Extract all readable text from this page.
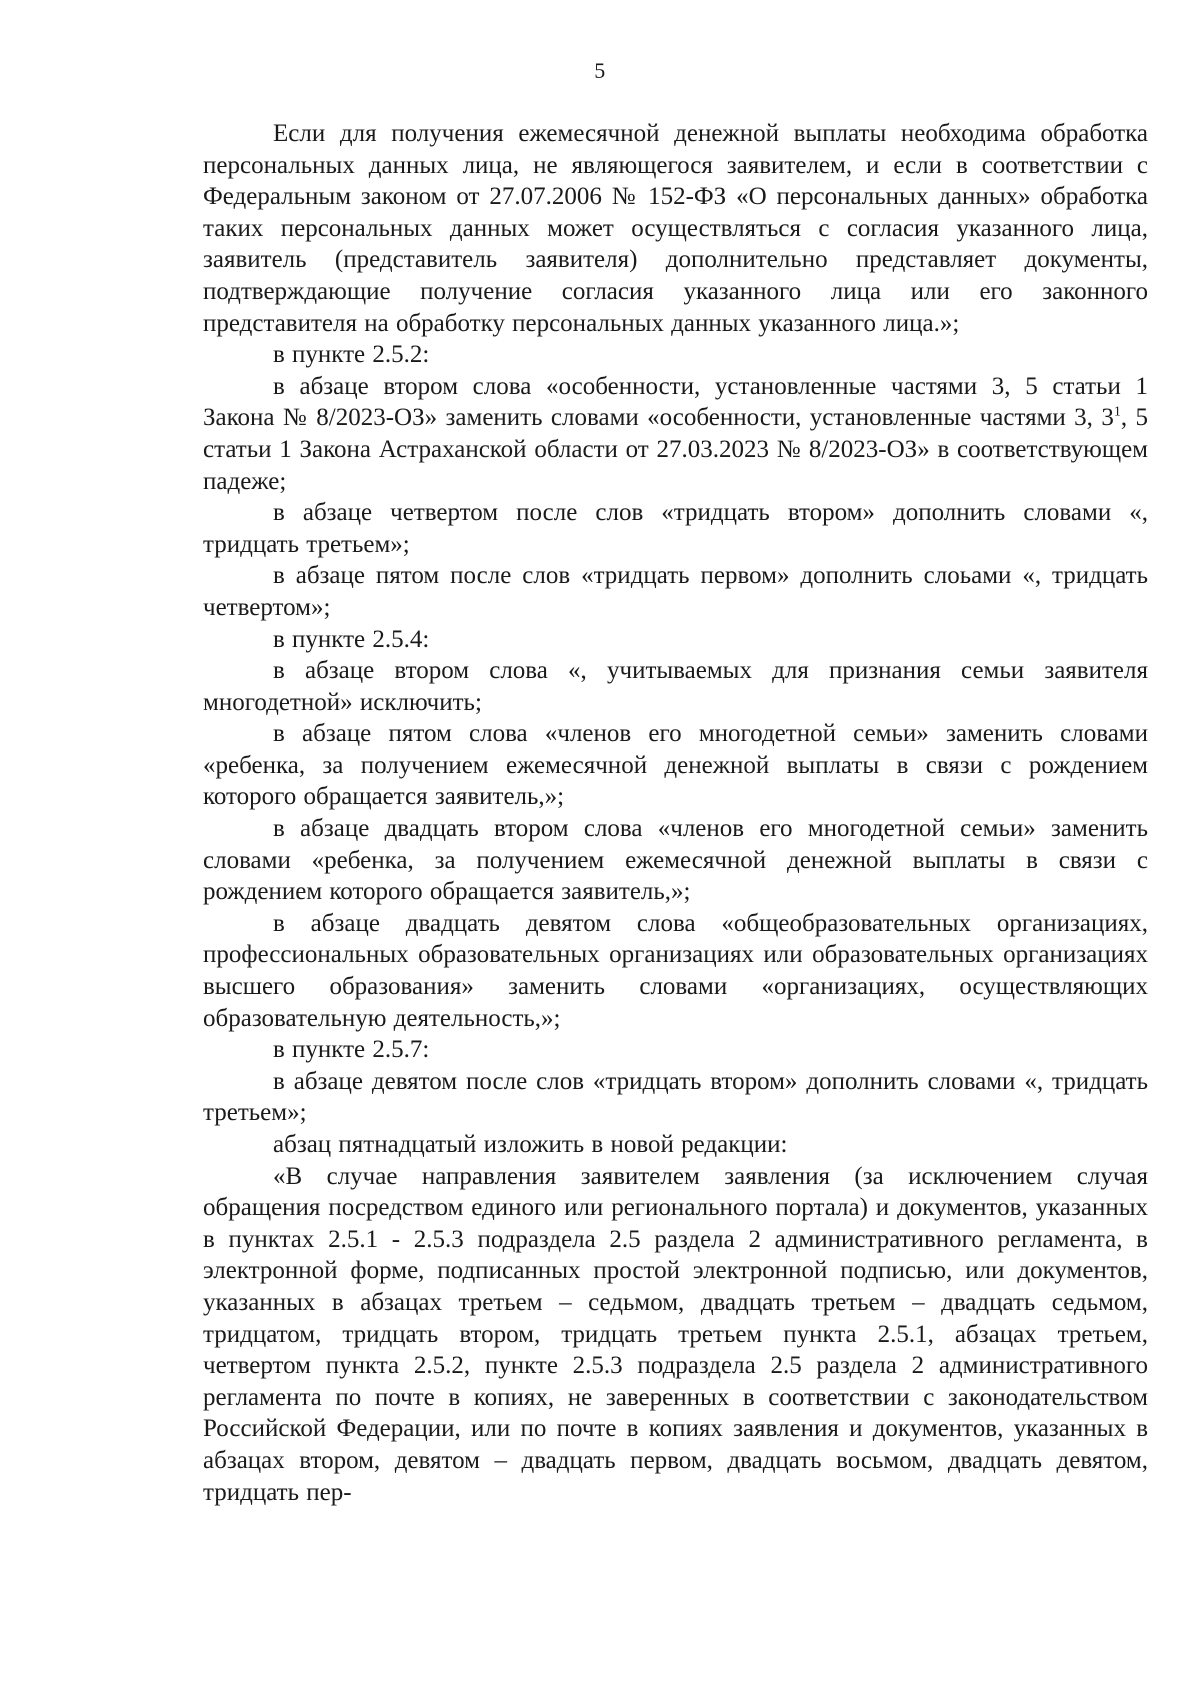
5

Если для получения ежемесячной денежной выплаты необходима обработка персональных данных лица, не являющегося заявителем, и если в соответствии с Федеральным законом от 27.07.2006 № 152-ФЗ «О персональных данных» обработка таких персональных данных может осуществляться с согласия указанного лица, заявитель (представитель заявителя) дополнительно представляет документы, подтверждающие получение согласия указанного лица или его законного представителя на обработку персональных данных указанного лица.»;

в пункте 2.5.2:

в абзаце втором слова «особенности, установленные частями 3, 5 статьи 1 Закона № 8/2023-ОЗ» заменить словами «особенности, установленные частями 3, $3^1$, 5 статьи 1 Закона Астраханской области от 27.03.2023 № 8/2023-ОЗ» в соответствующем падеже;

в абзаце четвертом после слов «тридцать втором» дополнить словами «, тридцать третьем»;

в абзаце пятом после слов «тридцать первом» дополнить слоьами «, тридцать четвертом»;

в пункте 2.5.4:

в абзаце втором слова «, учитываемых для признания семьи заявителя многодетной» исключить;

в абзаце пятом слова «членов его многодетной семьи» заменить словами «ребенка, за получением ежемесячной денежной выплаты в связи с рождением которого обращается заявитель,»;

в абзаце двадцать втором слова «членов его многодетной семьи» заменить словами «ребенка, за получением ежемесячной денежной выплаты в связи с рождением которого обращается заявитель,»;

в абзаце двадцать девятом слова «общеобразовательных организациях, профессиональных образовательных организациях или образовательных организациях высшего образования» заменить словами «организациях, осуществляющих образовательную деятельность,»;

в пункте 2.5.7:

в абзаце девятом после слов «тридцать втором» дополнить словами «, тридцать третьем»;

абзац пятнадцатый изложить в новой редакции:

«В случае направления заявителем заявления (за исключением случая обращения посредством единого или регионального портала) и документов, указанных в пунктах 2.5.1 - 2.5.3 подраздела 2.5 раздела 2 административного регламента, в электронной форме, подписанных простой электронной подписью, или документов, указанных в абзацах третьем – седьмом, двадцать третьем – двадцать седьмом, тридцатом, тридцать втором, тридцать третьем пункта 2.5.1, абзацах третьем, четвертом пункта 2.5.2, пункте 2.5.3 подраздела 2.5 раздела 2 административного регламента по почте в копиях, не заверенных в соответствии с законодательством Российской Федерации, или по почте в копиях заявления и документов, указанных в абзацах втором, девятом – двадцать первом, двадцать восьмом, двадцать девятом, тридцать пер-
